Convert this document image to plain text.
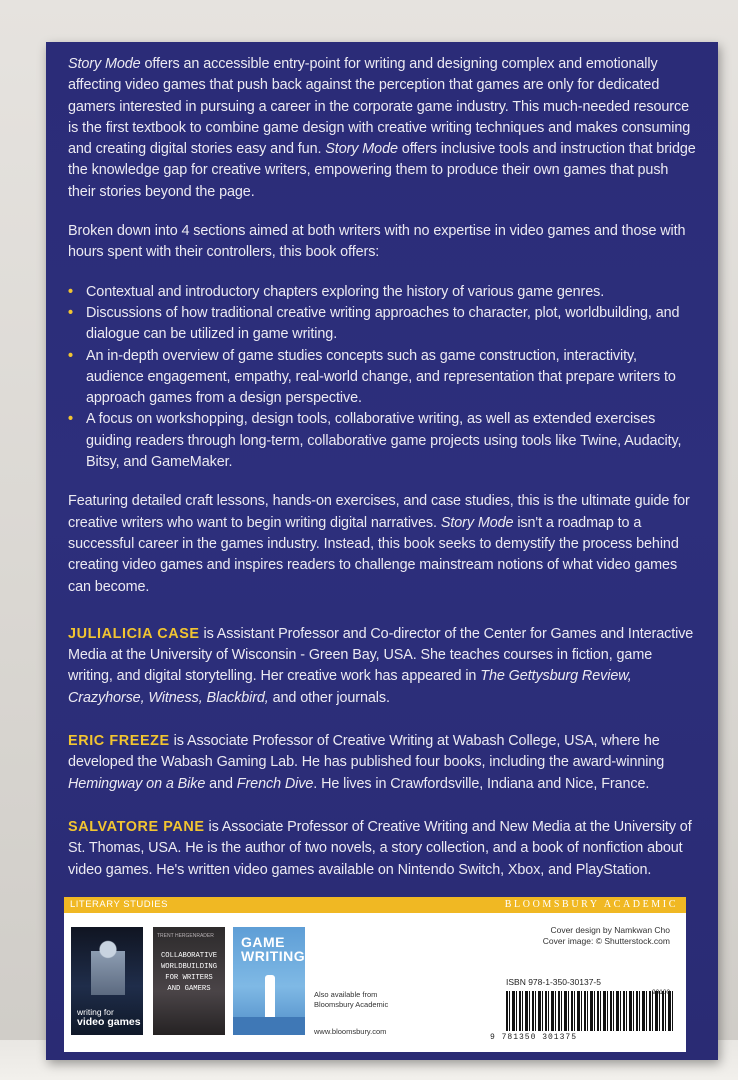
Story Mode offers an accessible entry-point for writing and designing complex and emotionally affecting video games that push back against the perception that games are only for dedicated gamers interested in pursuing a career in the corporate game industry. This much-needed resource is the first textbook to combine game design with creative writing techniques and makes consuming and creating digital stories easy and fun. Story Mode offers inclusive tools and instruction that bridge the knowledge gap for creative writers, empowering them to produce their own games that push their stories beyond the page.

Broken down into 4 sections aimed at both writers with no expertise in video games and those with hours spent with their controllers, this book offers:

• Contextual and introductory chapters exploring the history of various game genres.
• Discussions of how traditional creative writing approaches to character, plot, worldbuilding, and dialogue can be utilized in game writing.
• An in-depth overview of game studies concepts such as game construction, interactivity, audience engagement, empathy, real-world change, and representation that prepare writers to approach games from a design perspective.
• A focus on workshopping, design tools, collaborative writing, as well as extended exercises guiding readers through long-term, collaborative game projects using tools like Twine, Audacity, Bitsy, and GameMaker.

Featuring detailed craft lessons, hands-on exercises, and case studies, this is the ultimate guide for creative writers who want to begin writing digital narratives. Story Mode isn't a roadmap to a successful career in the games industry. Instead, this book seeks to demystify the process behind creating video games and inspires readers to challenge mainstream notions of what video games can become.

JULIALICIA CASE is Assistant Professor and Co-director of the Center for Games and Interactive Media at the University of Wisconsin - Green Bay, USA. She teaches courses in fiction, game writing, and digital storytelling. Her creative work has appeared in The Gettysburg Review, Crazyhorse, Witness, Blackbird, and other journals.

ERIC FREEZE is Associate Professor of Creative Writing at Wabash College, USA, where he developed the Wabash Gaming Lab. He has published four books, including the award-winning Hemingway on a Bike and French Dive. He lives in Crawfordsville, Indiana and Nice, France.

SALVATORE PANE is Associate Professor of Creative Writing and New Media at the University of St. Thomas, USA. He is the author of two novels, a story collection, and a book of nonfiction about video games. He's written video games available on Nintendo Switch, Xbox, and PlayStation.

LITERARY STUDIES	BLOOMSBURY ACADEMIC
writing for
video games
TRENT HERGENRADER
COLLABORATIVE WORLDBUILDING FOR WRITERS AND GAMERS
GAME WRITING
Also available from
Bloomsbury Academic
www.bloomsbury.com
Cover design by Namkwan Cho
Cover image: © Shutterstock.com
ISBN 978-1-350-30137-5
90100
9 781350 301375
